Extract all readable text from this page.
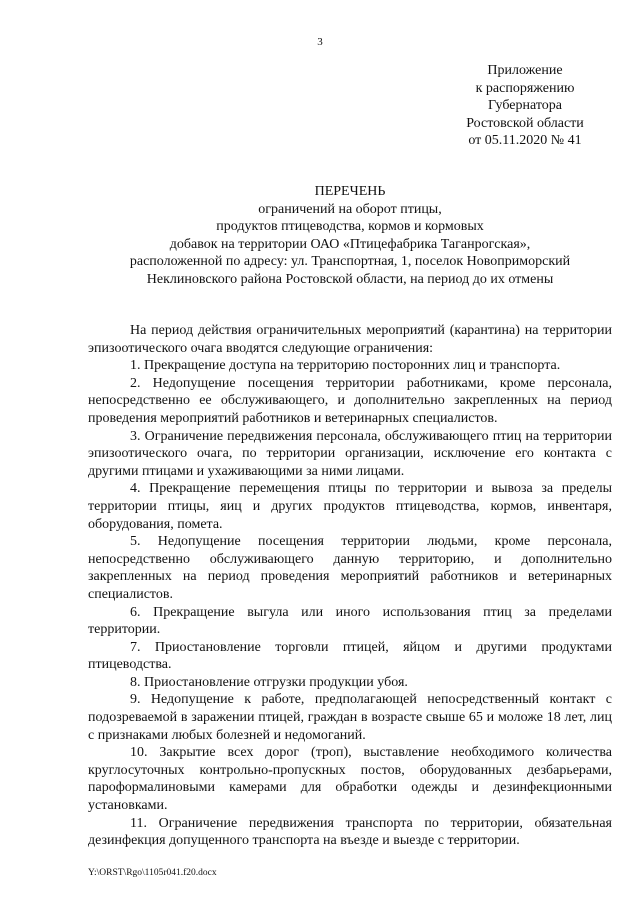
3
Приложение
к распоряжению
Губернатора
Ростовской области
от 05.11.2020 № 41
ПЕРЕЧЕНЬ
ограничений на оборот птицы,
продуктов птицеводства, кормов и кормовых
добавок на территории ОАО «Птицефабрика Таганрогская»,
расположенной по адресу: ул. Транспортная, 1, поселок Новоприморский
Неклиновского района Ростовской области, на период до их отмены

На период действия ограничительных мероприятий (карантина) на территории эпизоотического очага вводятся следующие ограничения:

1. Прекращение доступа на территорию посторонних лиц и транспорта.

2. Недопущение посещения территории работниками, кроме персонала, непосредственно ее обслуживающего, и дополнительно закрепленных на период проведения мероприятий работников и ветеринарных специалистов.

3. Ограничение передвижения персонала, обслуживающего птиц на территории эпизоотического очага, по территории организации, исключение его контакта с другими птицами и ухаживающими за ними лицами.

4. Прекращение перемещения птицы по территории и вывоза за пределы территории птицы, яиц и других продуктов птицеводства, кормов, инвентаря, оборудования, помета.

5. Недопущение посещения территории людьми, кроме персонала, непосредственно обслуживающего данную территорию, и дополнительно закрепленных на период проведения мероприятий работников и ветеринарных специалистов.

6. Прекращение выгула или иного использования птиц за пределами территории.

7. Приостановление торговли птицей, яйцом и другими продуктами птицеводства.

8. Приостановление отгрузки продукции убоя.

9. Недопущение к работе, предполагающей непосредственный контакт с подозреваемой в заражении птицей, граждан в возрасте свыше 65 и моложе 18 лет, лиц с признаками любых болезней и недомоганий.

10. Закрытие всех дорог (троп), выставление необходимого количества круглосуточных контрольно-пропускных постов, оборудованных дезбарьерами, пароформалиновыми камерами для обработки одежды и дезинфекционными установками.

11. Ограничение передвижения транспорта по территории, обязательная дезинфекция допущенного транспорта на въезде и выезде с территории.

Y:\ORST\Rgo\1105r041.f20.docx
